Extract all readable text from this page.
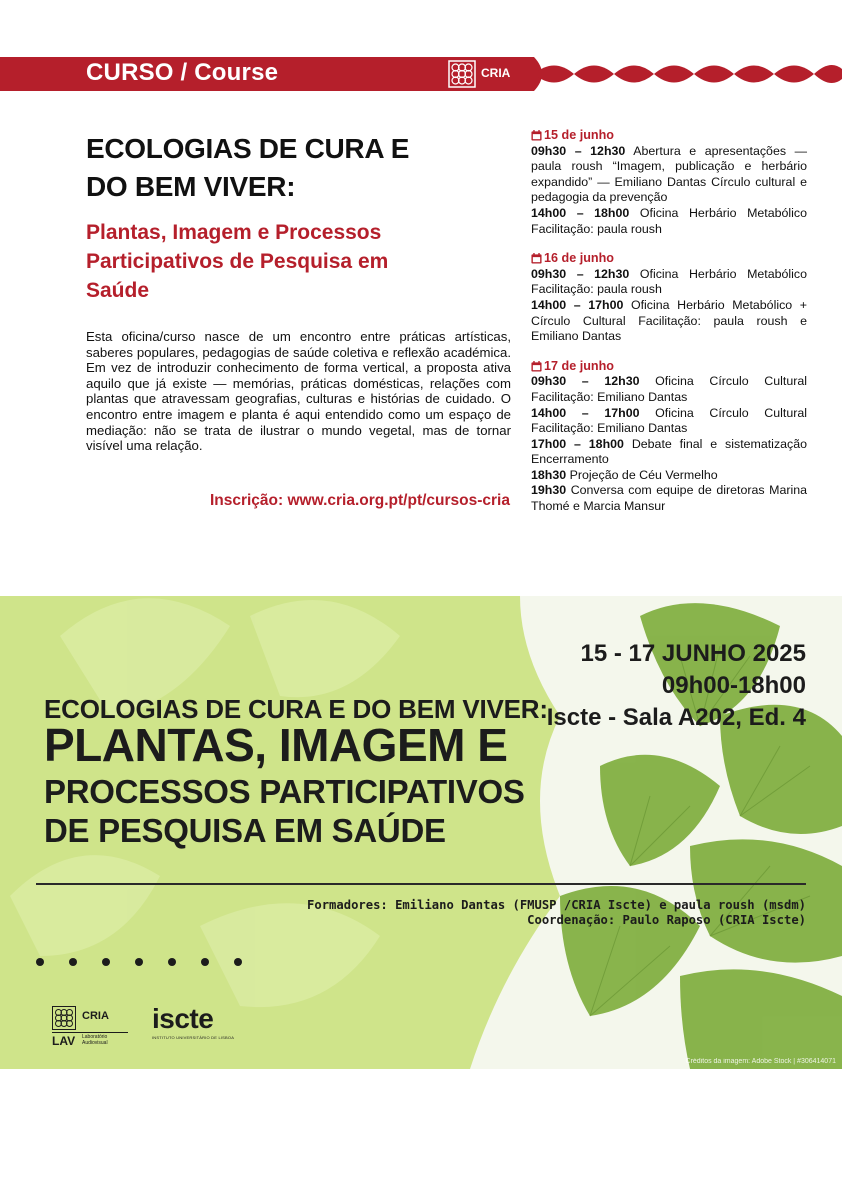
CURSO / Course	CRIA
ECOLOGIAS DE CURA E
DO BEM VIVER:
Plantas, Imagem e Processos
Participativos de Pesquisa em
Saúde
Esta oficina/curso nasce de um encontro entre práticas artísticas, saberes populares, pedagogias de saúde coletiva e reflexão académica. Em vez de introduzir conhecimento de forma vertical, a proposta ativa aquilo que já existe — memórias, práticas domésticas, relações com plantas que atravessam geografias, culturas e histórias de cuidado. O encontro entre imagem e planta é aqui entendido como um espaço de mediação: não se trata de ilustrar o mundo vegetal, mas de tornar visível uma relação.
Inscrição: www.cria.org.pt/pt/cursos-cria
15 de junho
09h30 – 12h30 Abertura e apresentações — paula roush “Imagem, publicação e herbário expandido” — Emiliano Dantas Círculo cultural e pedagogia da prevenção
14h00 – 18h00 Oficina Herbário Metabólico Facilitação: paula roush
16 de junho
09h30 – 12h30 Oficina Herbário Metabólico Facilitação: paula roush
14h00 – 17h00 Oficina Herbário Metabólico + Círculo Cultural Facilitação: paula roush e Emiliano Dantas
17 de junho
09h30 – 12h30 Oficina Círculo Cultural Facilitação: Emiliano Dantas
14h00 – 17h00 Oficina Círculo Cultural Facilitação: Emiliano Dantas
17h00 – 18h00 Debate final e sistematização Encerramento
18h30 Projeção de Céu Vermelho
19h30 Conversa com equipe de diretoras Marina Thomé e Marcia Mansur
15 - 17 JUNHO 2025
09h00-18h00
Iscte - Sala A202, Ed. 4
ECOLOGIAS DE CURA E DO BEM VIVER:
PLANTAS, IMAGEM E
PROCESSOS PARTICIPATIVOS
DE PESQUISA EM SAÚDE
Formadores: Emiliano Dantas (FMUSP /CRIA Iscte) e paula roush (msdm)
Coordenação: Paulo Raposo (CRIA Iscte)
CRIA
LAV Laboratório
Audiovisual
iscte
INSTITUTO UNIVERSITÁRIO DE LISBOA
Créditos da imagem: Adobe Stock | #306414071
